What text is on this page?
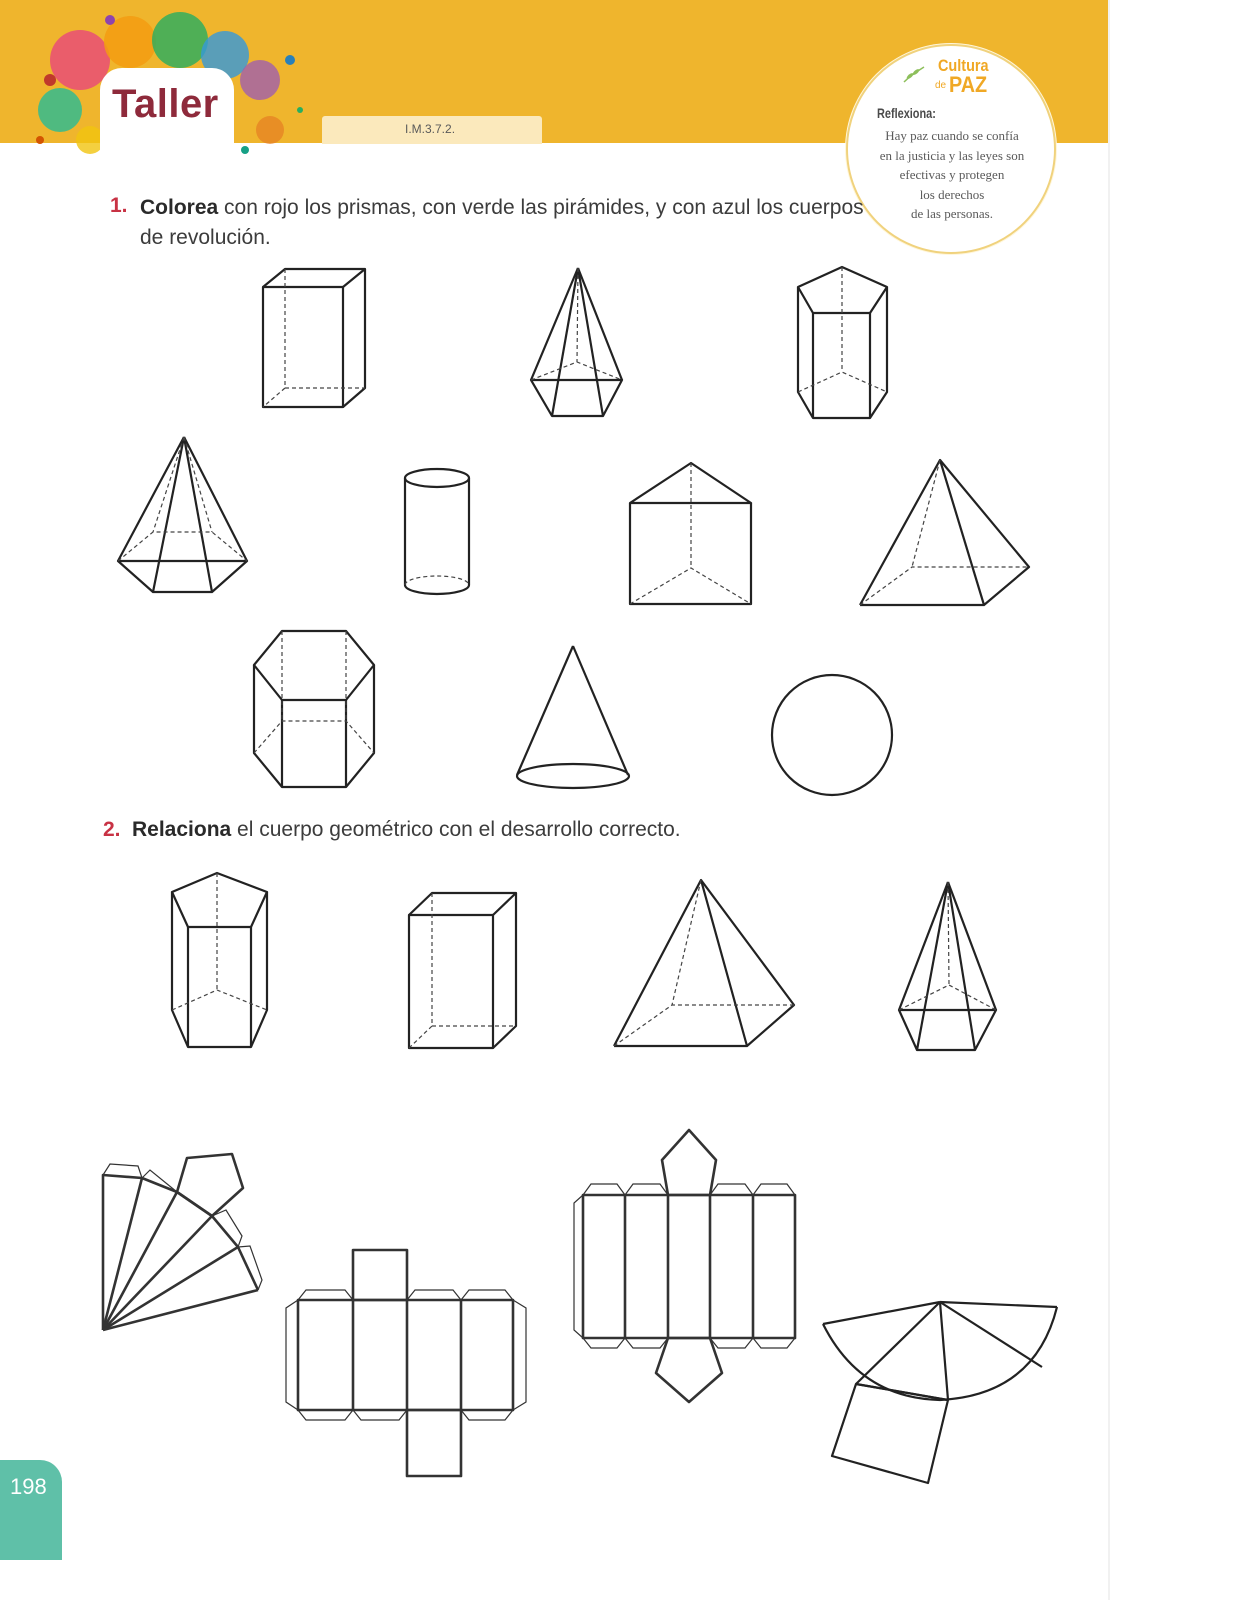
Taller
I.M.3.7.2.
Cultura
de PAZ
Reflexiona:
Hay paz cuando se confía
en la justicia y las leyes son
efectivas y protegen
los derechos
de las personas.
1. Colorea con rojo los prismas, con verde las pirámides, y con azul los cuerpos de revolución.
2. Relaciona el cuerpo geométrico con el desarrollo correcto.
198
